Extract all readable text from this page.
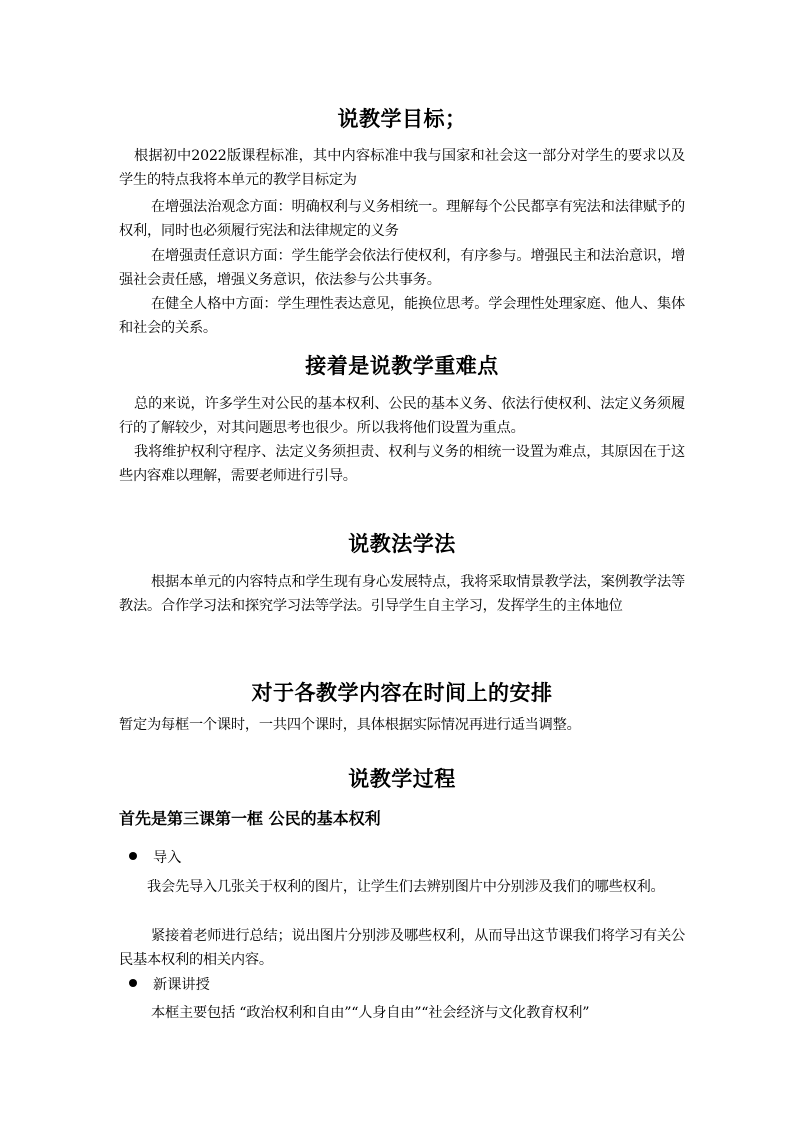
说教学目标；
根据初中2022版课程标准，其中内容标准中我与国家和社会这一部分对学生的要求以及学生的特点我将本单元的教学目标定为
在增强法治观念方面：明确权利与义务相统一。理解每个公民都享有宪法和法律赋予的权利，同时也必须履行宪法和法律规定的义务
在增强责任意识方面：学生能学会依法行使权利，有序参与。增强民主和法治意识，增强社会责任感，增强义务意识，依法参与公共事务。
在健全人格中方面：学生理性表达意见，能换位思考。学会理性处理家庭、他人、集体和社会的关系。
接着是说教学重难点
总的来说，许多学生对公民的基本权利、公民的基本义务、依法行使权利、法定义务须履行的了解较少，对其问题思考也很少。所以我将他们设置为重点。
我将维护权利守程序、法定义务须担责、权利与义务的相统一设置为难点，其原因在于这些内容难以理解，需要老师进行引导。
说教法学法
根据本单元的内容特点和学生现有身心发展特点，我将采取情景教学法，案例教学法等教法。合作学习法和探究学习法等学法。引导学生自主学习，发挥学生的主体地位
对于各教学内容在时间上的安排
暂定为每框一个课时，一共四个课时，具体根据实际情况再进行适当调整。
说教学过程
首先是第三课第一框 公民的基本权利
导入
我会先导入几张关于权利的图片，让学生们去辨别图片中分别涉及我们的哪些权利。
紧接着老师进行总结；说出图片分别涉及哪些权利，从而导出这节课我们将学习有关公民基本权利的相关内容。
新课讲授
本框主要包括 “政治权利和自由”“人身自由”“社会经济与文化教育权利”
